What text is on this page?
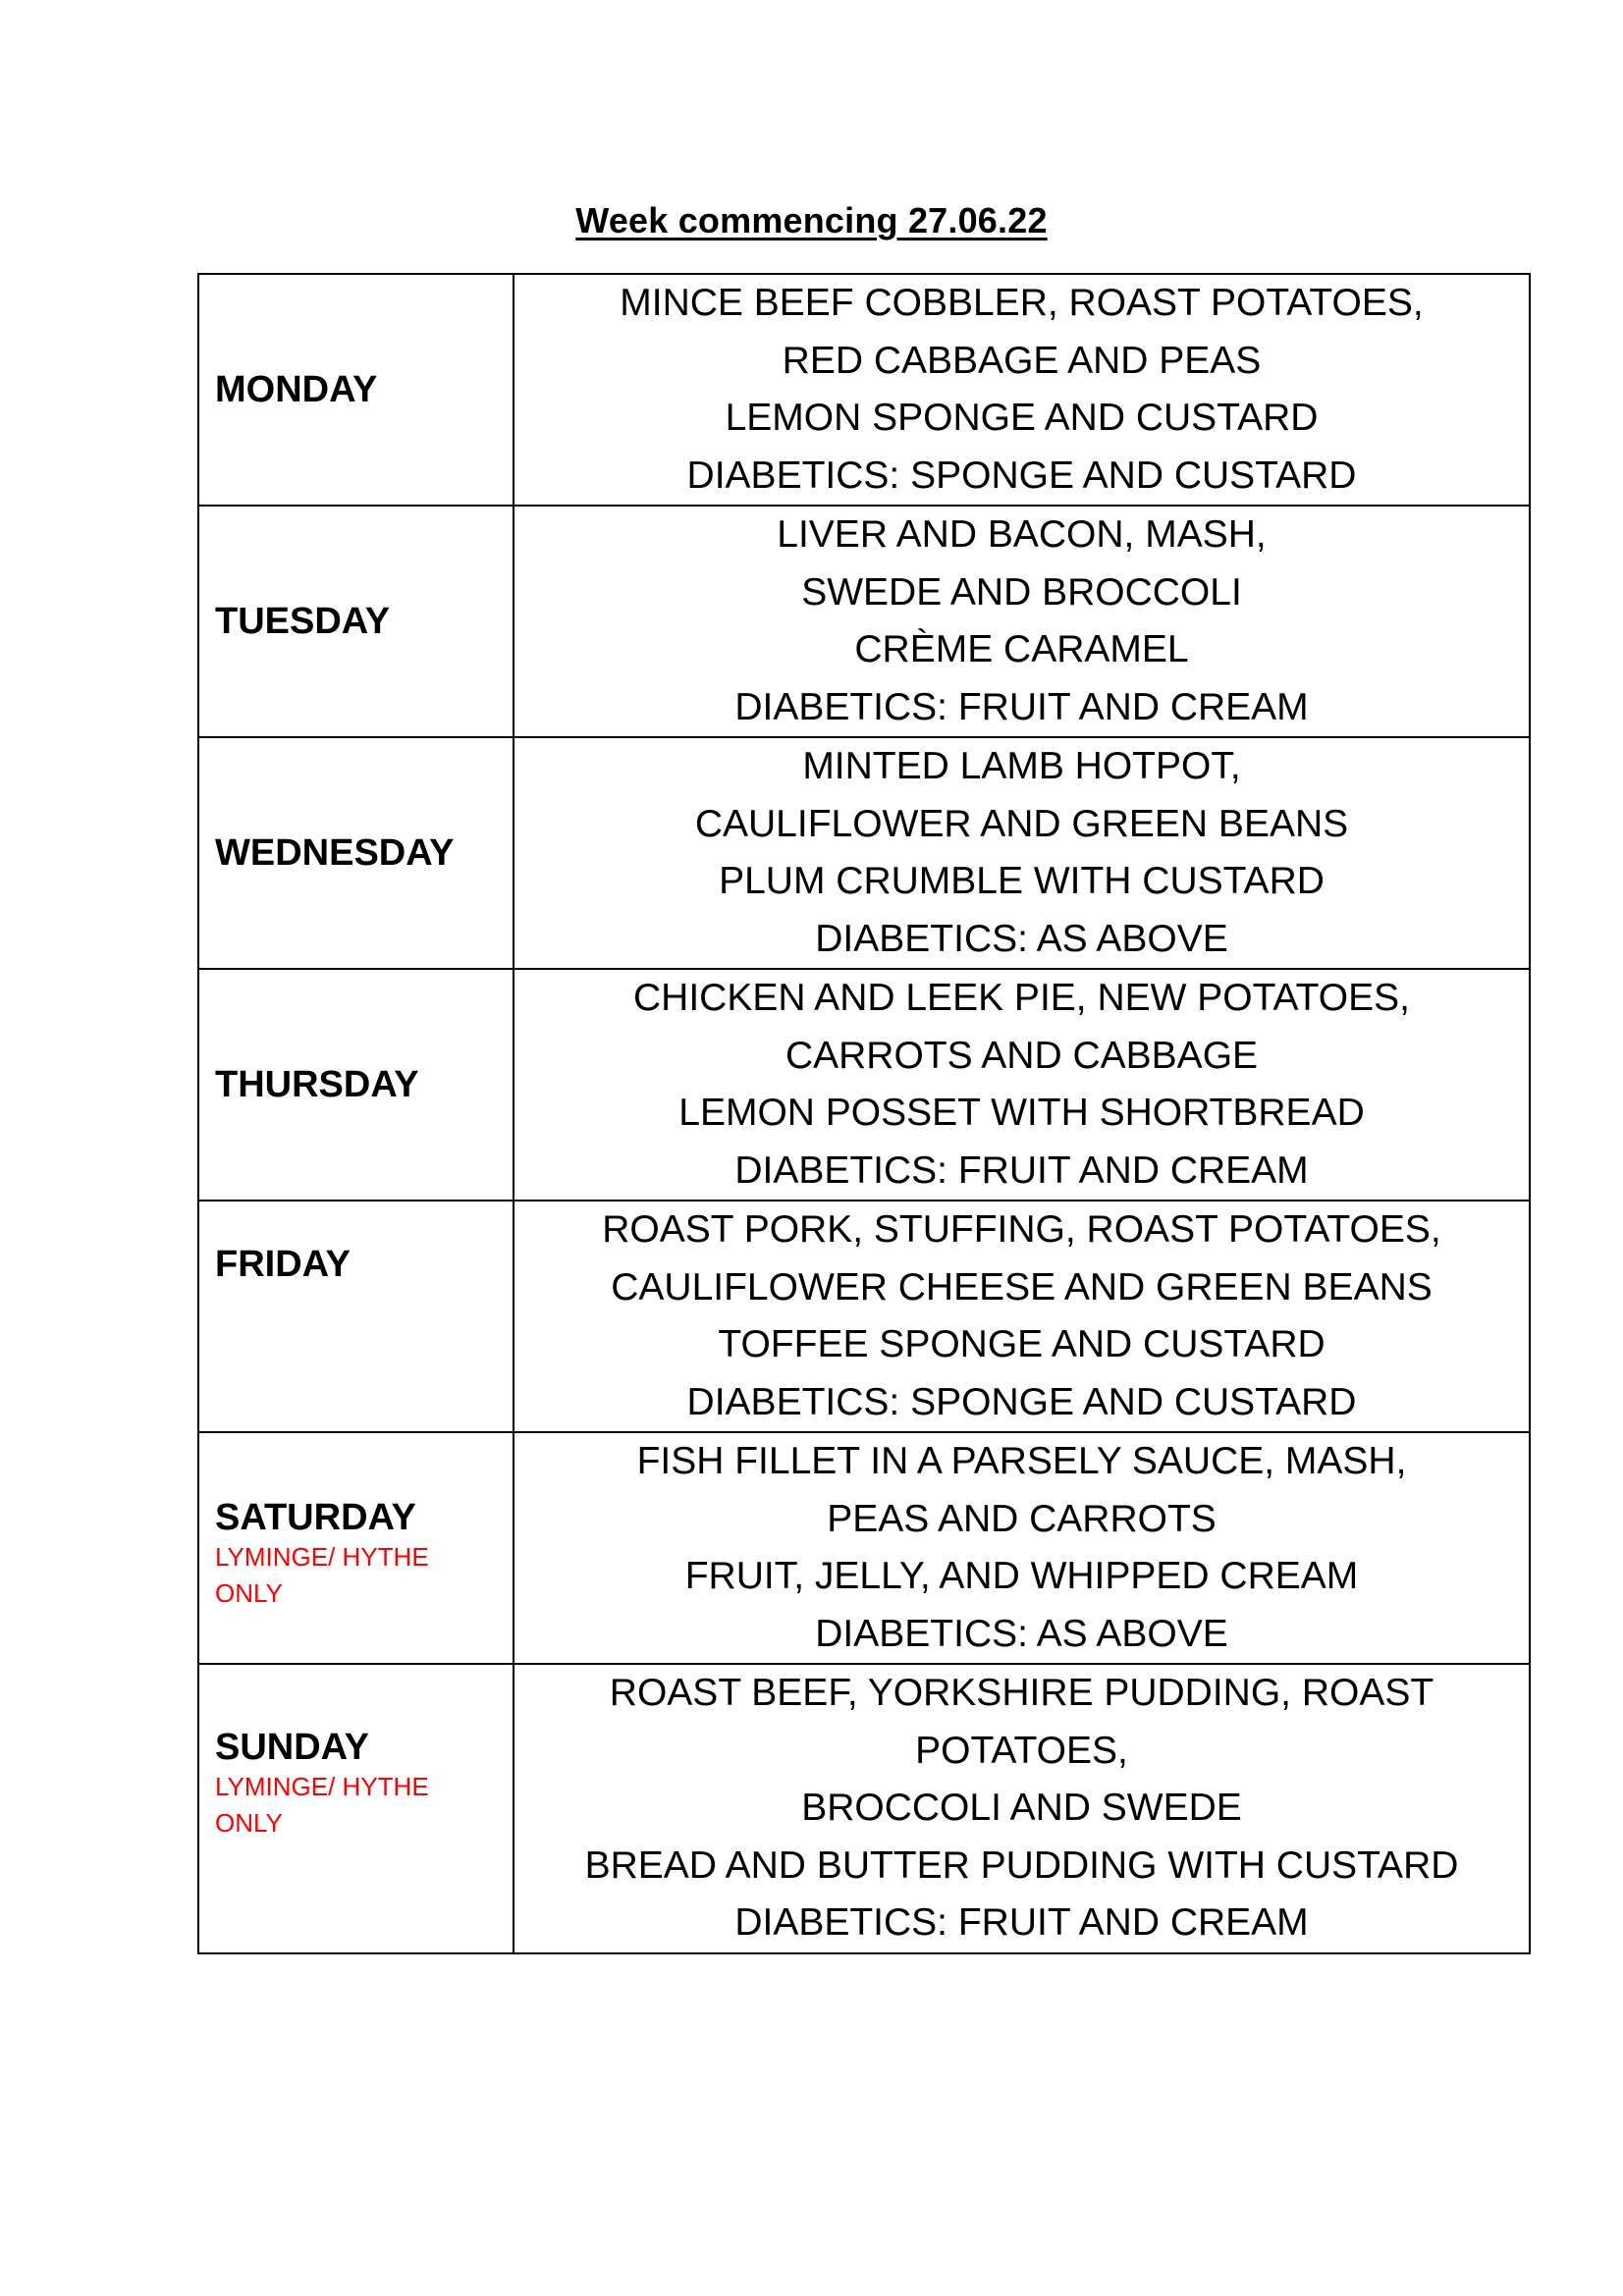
Week commencing 27.06.22
MONDAY	MINCE BEEF COBBLER, ROAST POTATOES,
RED CABBAGE AND PEAS
LEMON SPONGE AND CUSTARD
DIABETICS: SPONGE AND CUSTARD

TUESDAY	LIVER AND BACON, MASH,
SWEDE AND BROCCOLI
CRÈME CARAMEL
DIABETICS: FRUIT AND CREAM

WEDNESDAY	MINTED LAMB HOTPOT,
CAULIFLOWER AND GREEN BEANS
PLUM CRUMBLE WITH CUSTARD
DIABETICS: AS ABOVE

THURSDAY	CHICKEN AND LEEK PIE, NEW POTATOES,
CARROTS AND CABBAGE
LEMON POSSET WITH SHORTBREAD
DIABETICS: FRUIT AND CREAM

FRIDAY	ROAST PORK, STUFFING, ROAST POTATOES,
CAULIFLOWER CHEESE AND GREEN BEANS
TOFFEE SPONGE AND CUSTARD
DIABETICS: SPONGE AND CUSTARD

SATURDAY
LYMINGE/ HYTHE ONLY	FISH FILLET IN A PARSELY SAUCE, MASH,
PEAS AND CARROTS
FRUIT, JELLY, AND WHIPPED CREAM
DIABETICS: AS ABOVE

SUNDAY
LYMINGE/ HYTHE ONLY	ROAST BEEF, YORKSHIRE PUDDING, ROAST
POTATOES,
BROCCOLI AND SWEDE
BREAD AND BUTTER PUDDING WITH CUSTARD
DIABETICS: FRUIT AND CREAM
